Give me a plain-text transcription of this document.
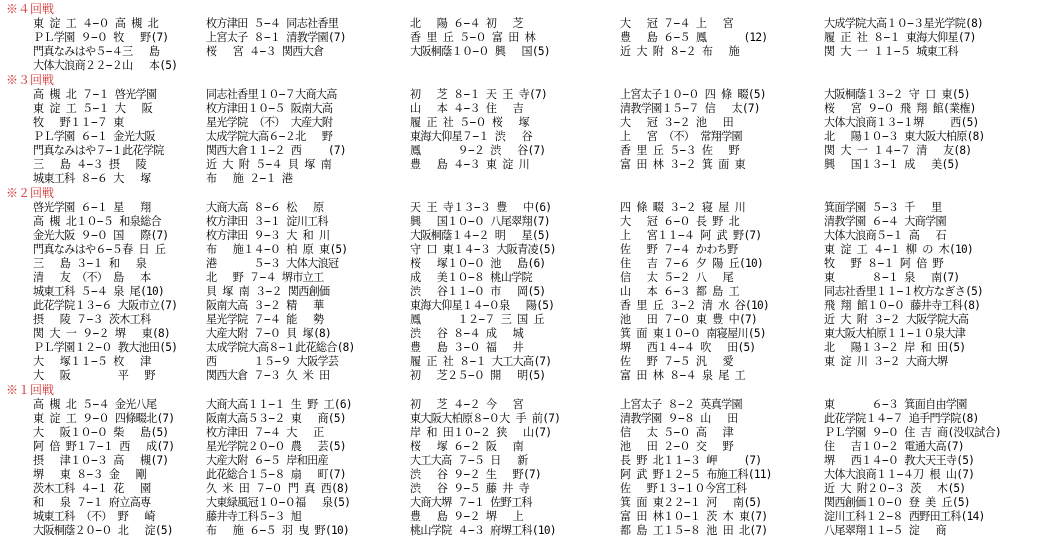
※４回戦
東 淀 工 ４−０ 高 槻 北	枚方津田 ５−４ 同志社香里	北　 陽 ６−４ 初　 芝	大　 冠 ７−４ 上　 宮	大成学院大高１０−３星光学院(8)
ＰＬ学園 ９−０ 牧　 野(7)	上宮太子 ８−１ 清教学園(7)	香 里 丘 ５−０ 富 田 林	豊　 島 ６−５ 鳳　　　 (12)	履 正 社 ８−１ 東海大仰星(7)
門真なみはや５−４三　 島	桜　 宮 ４−３ 関西大倉	大阪桐蔭１０−０ 興　 国(5)	近 大 附 ８−２ 布　 施	関 大 一 １１−５ 城東工科
大体大浪商２２−２山　 本(5)
※３回戦
高 槻 北 ７−１ 啓光学園	同志社香里１０−７大商大高	初　 芝 ８−１ 天 王 寺(7)	上宮太子１０−０ 四 條 畷(5)	大阪桐蔭１３−２ 守 口 東(5)
東 淀 工 ５−１ 大　 阪	枚方津田１０−５ 阪南大高	山　 本 ４−３ 住　 吉	清教学園１５−７ 信　 太(7)	桜　 宮 ９−０ 飛 翔 館(業権)
牧　 野１１−７ 東	星光学院 （不） 大産大附	履 正 社 ５−０ 桜　 塚	大　 冠 ３−２ 池　 田	大体大浪商１３−１堺　　 西(5)
ＰＬ学園 ６−１ 金光大阪	太成学院大高６−２北　 野	東海大仰星７−１ 渋　 谷	上　 宮 （不） 常翔学園	北　 陽１０−３ 東大阪大柏原(8)
門真なみはや７−１此花学院	関西大倉１１−２ 西　　 (7)	鳳　　　 ９−２ 渋　 谷(7)	香 里 丘 ５−３ 佐　 野	関 大 一 １４−７ 清　 友(8)
三　 島 ４−３ 摂　 陵	近 大 附 ５−４ 貝 塚 南	豊　 島 ４−３ 東 淀 川	富 田 林 ３−２ 箕 面 東	興　 国１３−１ 成　 美(5)
城東工科 ８−６ 大　 塚	布　 施 ２−１ 港
※２回戦
啓光学園 ６−１ 星　 翔	大商大高 ８−６ 松　 原	天 王 寺１３−３ 豊　 中(6)	四 條 畷 ３−２ 寝 屋 川	箕面学園 ５−３ 千　 里
高 槻 北１０−５ 和泉総合	枚方津田 ３−１ 淀川工科	興　 国１０−０ 八尾翠翔(7)	大　 冠 ６−０ 長 野 北	清教学園 ６−４ 大商学園
金光大阪 ９−０ 国　 際(7)	枚方津田 ９−３ 大 和 川	大阪桐蔭１４−２ 明　 星(5)	上　 宮１１−４ 阿 武 野(7)	大体大浪商５−１ 高　 石
門真なみはや６−５春 日 丘	布　 施１４−０ 柏 原 東(5)	守 口 東１４−３ 大阪青凌(5)	佐　 野 ７−４ かわち野	東 淀 工 ４−１ 柳 の 木(10)
三　 島 ３−１ 和　 泉	港　　　 ５−３ 大体大浪冠	桜　 塚１０−０ 池　 島(6)	住　 吉 ７−６ 夕 陽 丘(10)	牧　 野 ８−１ 阿 倍 野
清　 友 （不） 島　 本	北　 野 ７−４ 堺市立工	成　 美１０−８ 桃山学院	信　 太 ５−２ 八　 尾	東　　　 ８−１ 泉　 南(7)
城東工科 ５−４ 泉 尾(10)	貝 塚 南 ３−２ 関西創価	渋　 谷１１−０ 市　 岡(5)	山　 本 ６−３ 都 島 工	同志社香里１１−１枚方なぎさ(5)
此花学院１３−６ 大阪市立(7)	阪南大高 ３−２ 精　 華	東海大仰星１４−０泉　 陽(5)	香 里 丘 ３−２ 清 水 谷(10)	飛 翔 館１０−０ 藤井寺工科(8)
摂　 陵 ７−３ 茨木工科	星光学院 ７−４ 能　 勢	鳳　　　 １２−７ 三 国 丘	池　 田 ７−０ 東 豊 中(7)	近 大 附 ３−２ 大阪学院大高
関 大 一 ９−２ 堺　 東(8)	大産大附 ７−０ 貝 塚(8)	渋　 谷 ８−４ 成　 城	箕 面 東１０−０ 南寝屋川(5)	東大阪大柏原１１−１０泉大津
ＰＬ学園１２−０ 教大池田(5)	太成学院大高８−１此花総合(8)	豊　 島 ３−０ 福　 井	堺　 西１４−４ 吹　 田(5)	北　 陽１３−２ 岸 和 田(5)
大　 塚１１−５ 枚　 津	西　　　 １５−９ 大阪学芸	履 正 社 ８−１ 大工大高(7)	佐　 野 ７−５ 汎　 愛	東 淀 川 ３−２ 大商大堺
大　 阪　　　　 平　 野	関西大倉 ７−３ 久 米 田	初　 芝２５−０ 開　 明(5)	富 田 林 ８−４ 泉 尾 工
※１回戦
高 槻 北 ５−４ 金光八尾	大商大高１１−１ 生 野 工(6)	初　 芝 ４−２ 今　 宮	上宮太子 ８−２ 英真学園	東　　　 ６−３ 箕面自由学園
東 淀 工 ９−０ 四條畷北(7)	阪南大高５３−２ 東　 商(5)	東大阪大柏原８−０大 手 前(7)	清教学園 ９−８ 山　 田	此花学院１４−７ 追手門学院(8)
大　 阪１０−０ 柴　 島(5)	枚方津田 ７−４ 大　 正	岸 和 田１０−２ 狭　 山(7)	信　 太 ５−０ 高　 津	ＰＬ学園 ９−０ 住 吉 商(没収試合)
阿 倍 野１７−１ 西　 成(7)	星光学院２０−０ 農　 芸(5)	桜　 塚 ６−２ 阪　 南	池　 田 ２−０ 交　 野	住　 吉１０−２ 電通大高(7)
摂　 津１０−３ 高　 槻(7)	大産大附 ６−５ 岸和田産	大工大高 ７−５ 日　 新	長 野 北１１−３ 岬　　 (7)	堺　 西１４−０ 教大天王寺(5)
堺　 東 ８−３ 金　 剛	此花総合１５−８ 扇　 町(7)	渋　 谷 ９−２ 生　 野(7)	阿 武 野１２−５ 布施工科(11)	大体大浪商１１−４刀 根 山(7)
茨木工科 ４−１ 花　 園	久 米 田 ７−０ 門 真 西(8)	渋　 谷 ９−５ 藤 井 寺	佐　 野１３−１０今宮工科	近 大 附２０−３ 茨　 木(5)
和　 泉 ７−１ 府立高専	大東緑風冠１０−０福　 泉(5)	大商大堺 ７−１ 佐野工科	箕 面 東２２−１ 河　 南(5)	関西創価１０−０ 登 美 丘(5)
城東工科 （不） 野　 崎	藤井寺工科５−３ 旭	豊　 島 ９−２ 堺　 上	富 田 林１０−１ 茨 木 東(7)	淀川工科１２−８ 西野田工科(14)
大阪桐蔭２０−０ 北　 淀(5)	布　 施 ６−５ 羽 曳 野(10)	桃山学院 ４−３ 府堺工科(10)	都 島 工１５−８ 池 田 北(7)	八尾翠翔１１−５ 淀　 商
